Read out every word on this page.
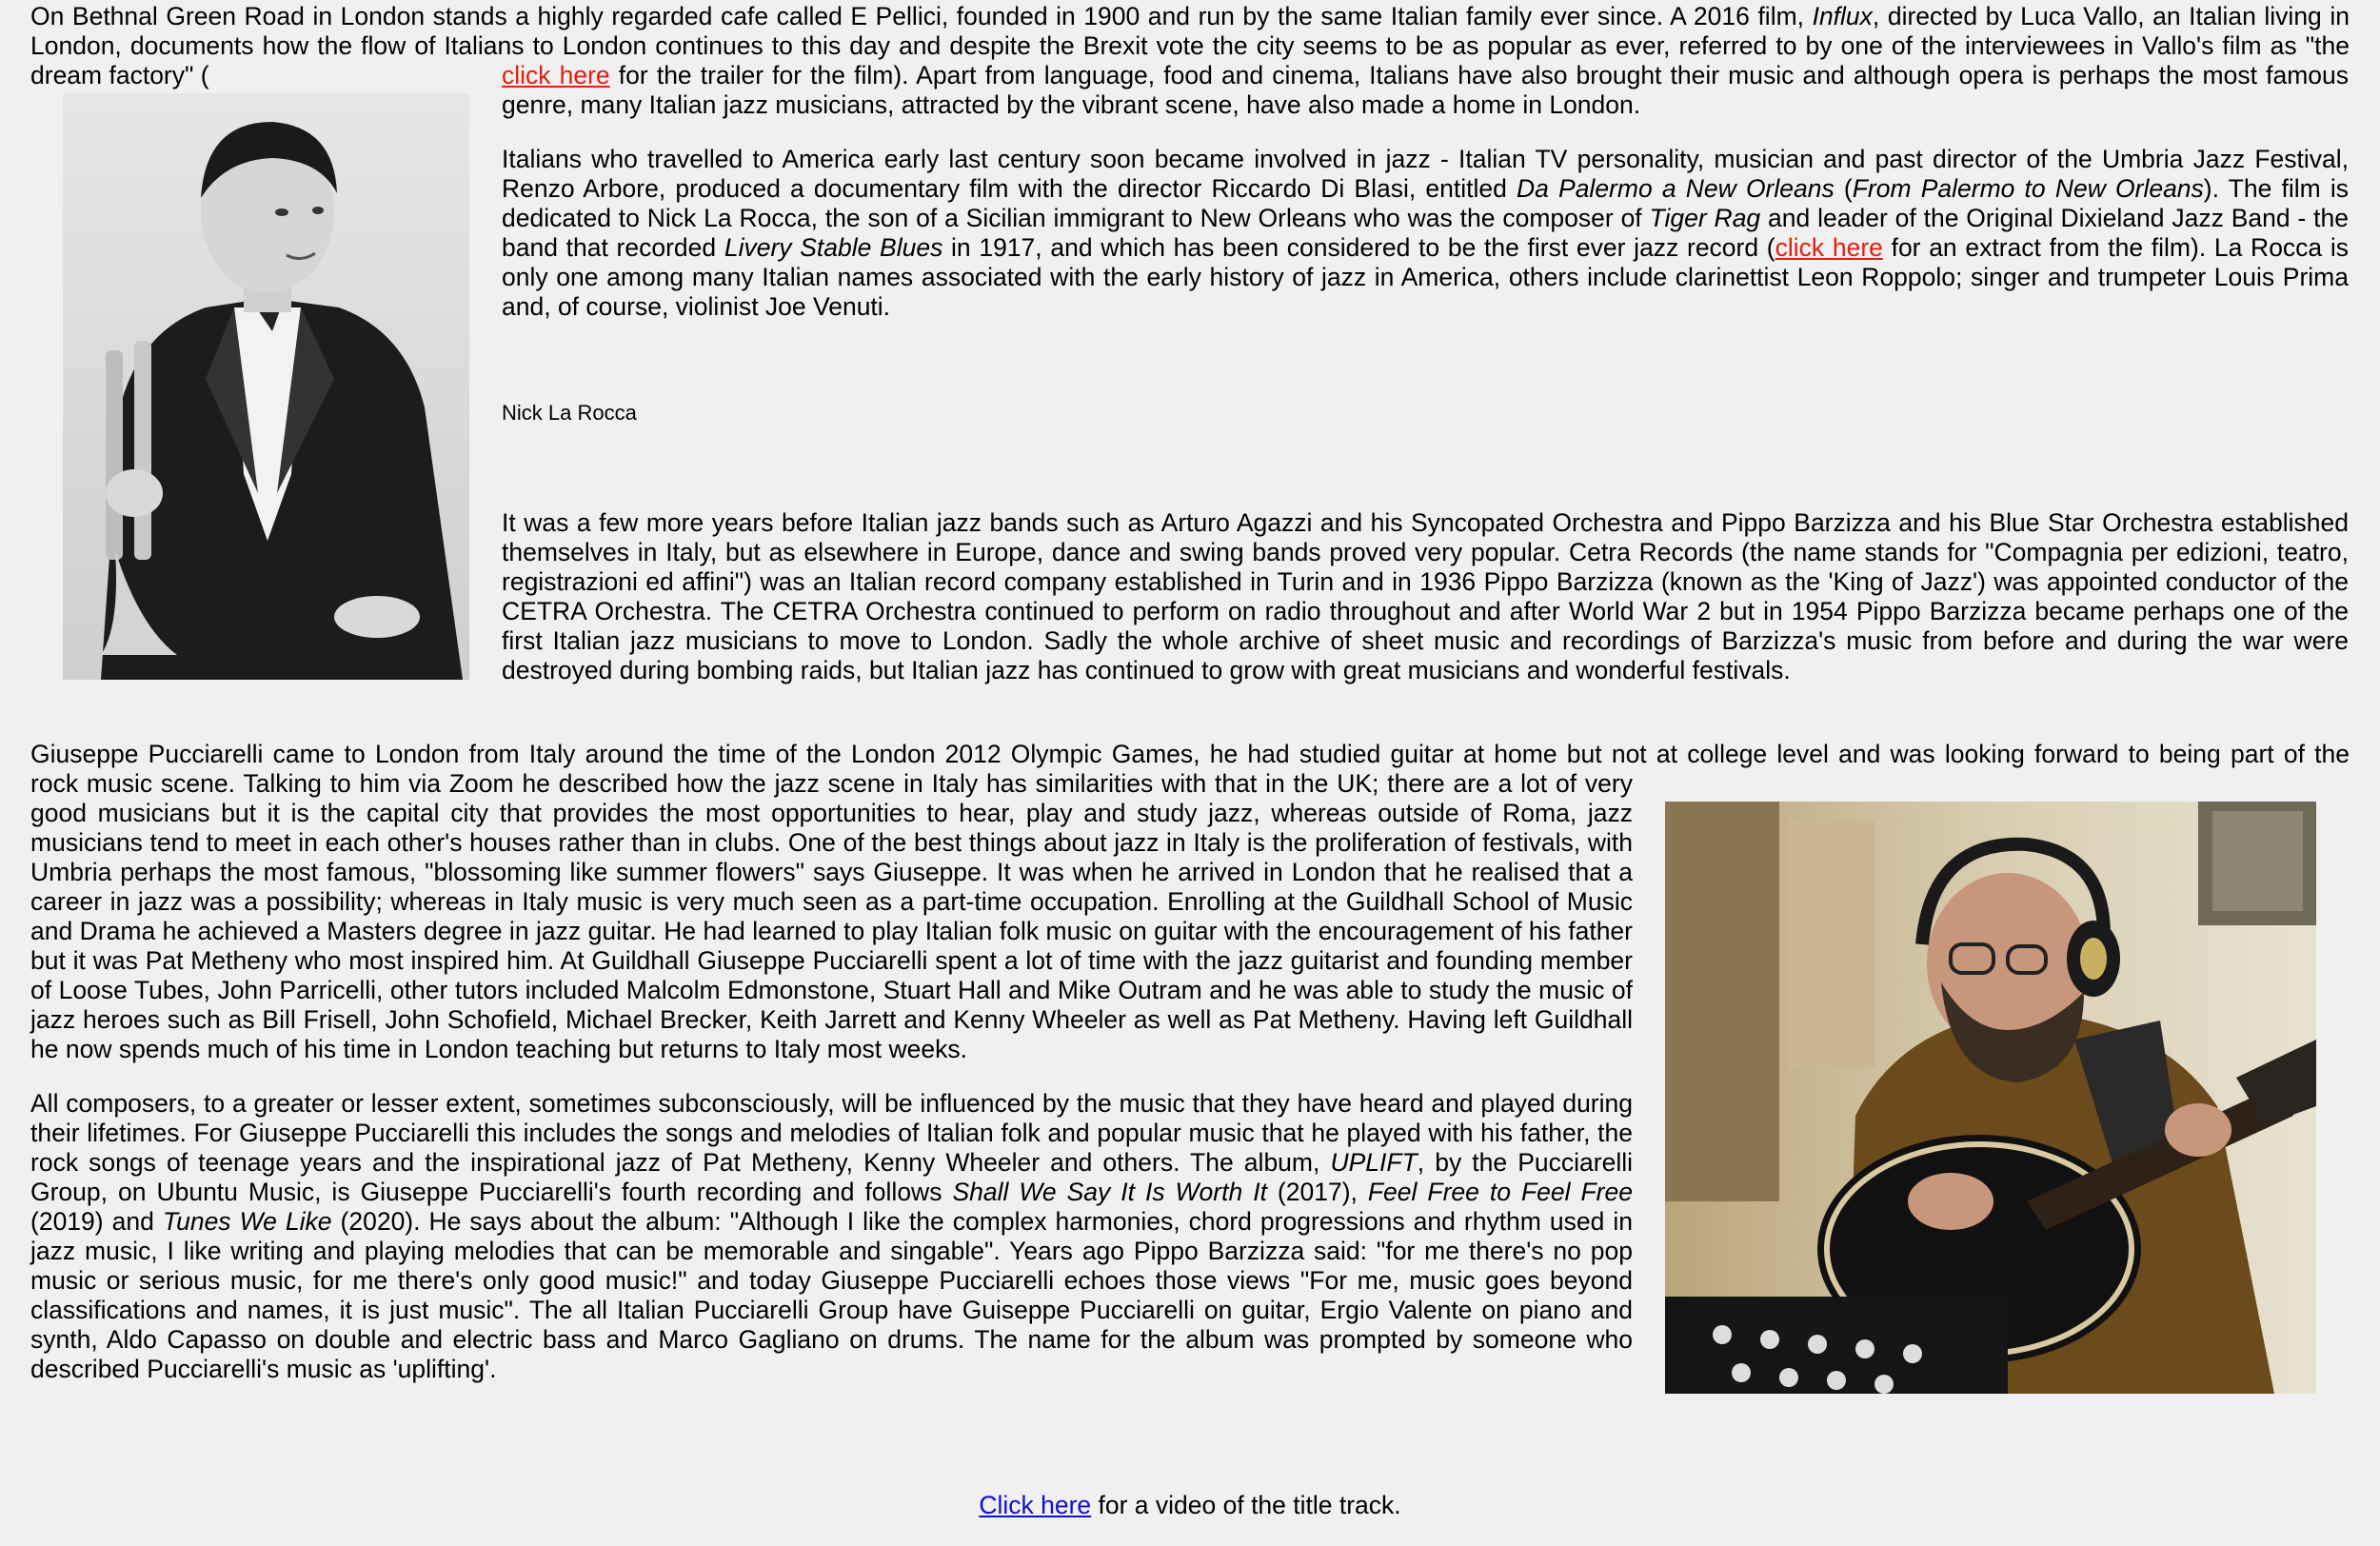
On Bethnal Green Road in London stands a highly regarded cafe called E Pellici, founded in 1900 and run by the same Italian family ever since. A 2016 film, Influx, directed by Luca Vallo, an Italian living in London, documents how the flow of Italians to London continues to this day and despite the Brexit vote the city seems to be as popular as ever, referred to by one of the interviewees in Vallo's film as "the dream factory" (	click here for the trailer for the film). Apart from language, food and cinema, Italians have also brought their music and although opera is perhaps the most famous genre, many Italian jazz musicians, attracted by the vibrant scene, have also made a home in London.

Italians who travelled to America early last century soon became involved in jazz - Italian TV personality, musician and past director of the Umbria Jazz Festival, Renzo Arbore, produced a documentary film with the director Riccardo Di Blasi, entitled Da Palermo a New Orleans (From Palermo to New Orleans). The film is dedicated to Nick La Rocca, the son of a Sicilian immigrant to New Orleans who was the composer of Tiger Rag and leader of the Original Dixieland Jazz Band - the band that recorded Livery Stable Blues in 1917, and which has been considered to be the first ever jazz record (click here for an extract from the film). La Rocca is only one among many Italian names associated with the early history of jazz in America, others include clarinettist Leon Roppolo; singer and trumpeter Louis Prima and, of course, violinist Joe Venuti.

Nick La Rocca

It was a few more years before Italian jazz bands such as Arturo Agazzi and his Syncopated Orchestra and Pippo Barzizza and his Blue Star Orchestra established themselves in Italy, but as elsewhere in Europe, dance and swing bands proved very popular. Cetra Records (the name stands for "Compagnia per edizioni, teatro, registrazioni ed affini") was an Italian record company established in Turin and in 1936 Pippo Barzizza (known as the 'King of Jazz') was appointed conductor of the CETRA Orchestra. The CETRA Orchestra continued to perform on radio throughout and after World War 2 but in 1954 Pippo Barzizza became perhaps one of the first Italian jazz musicians to move to London. Sadly the whole archive of sheet music and recordings of Barzizza's music from before and during the war were destroyed during bombing raids, but Italian jazz has continued to grow with great musicians and wonderful festivals.

Giuseppe Pucciarelli came to London from Italy around the time of the London 2012 Olympic Games, he had studied guitar at home but not at college level and was looking forward to being part of the

rock music scene. Talking to him via Zoom he described how the jazz scene in Italy has similarities with that in the UK; there are a lot of very good musicians but it is the capital city that provides the most opportunities to hear, play and study jazz, whereas outside of Roma, jazz musicians tend to meet in each other's houses rather than in clubs. One of the best things about jazz in Italy is the proliferation of festivals, with Umbria perhaps the most famous, "blossoming like summer flowers" says Giuseppe. It was when he arrived in London that he realised that a career in jazz was a possibility; whereas in Italy music is very much seen as a part-time occupation. Enrolling at the Guildhall School of Music and Drama he achieved a Masters degree in jazz guitar. He had learned to play Italian folk music on guitar with the encouragement of his father but it was Pat Metheny who most inspired him. At Guildhall Giuseppe Pucciarelli spent a lot of time with the jazz guitarist and founding member of Loose Tubes, John Parricelli, other tutors included Malcolm Edmonstone, Stuart Hall and Mike Outram and he was able to study the music of jazz heroes such as Bill Frisell, John Schofield, Michael Brecker, Keith Jarrett and Kenny Wheeler as well as Pat Metheny. Having left Guildhall he now spends much of his time in London teaching but returns to Italy most weeks.

All composers, to a greater or lesser extent, sometimes subconsciously, will be influenced by the music that they have heard and played during their lifetimes. For Giuseppe Pucciarelli this includes the songs and melodies of Italian folk and popular music that he played with his father, the rock songs of teenage years and the inspirational jazz of Pat Metheny, Kenny Wheeler and others. The album, UPLIFT, by the Pucciarelli Group, on Ubuntu Music, is Giuseppe Pucciarelli's fourth recording and follows Shall We Say It Is Worth It (2017), Feel Free to Feel Free (2019) and Tunes We Like (2020). He says about the album: "Although I like the complex harmonies, chord progressions and rhythm used in jazz music, I like writing and playing melodies that can be memorable and singable". Years ago Pippo Barzizza said: "for me there's no pop music or serious music, for me there's only good music!" and today Giuseppe Pucciarelli echoes those views "For me, music goes beyond classifications and names, it is just music". The all Italian Pucciarelli Group have Guiseppe Pucciarelli on guitar, Ergio Valente on piano and synth, Aldo Capasso on double and electric bass and Marco Gagliano on drums. The name for the album was prompted by someone who described Pucciarelli's music as 'uplifting'.

Click here for a video of the title track.
